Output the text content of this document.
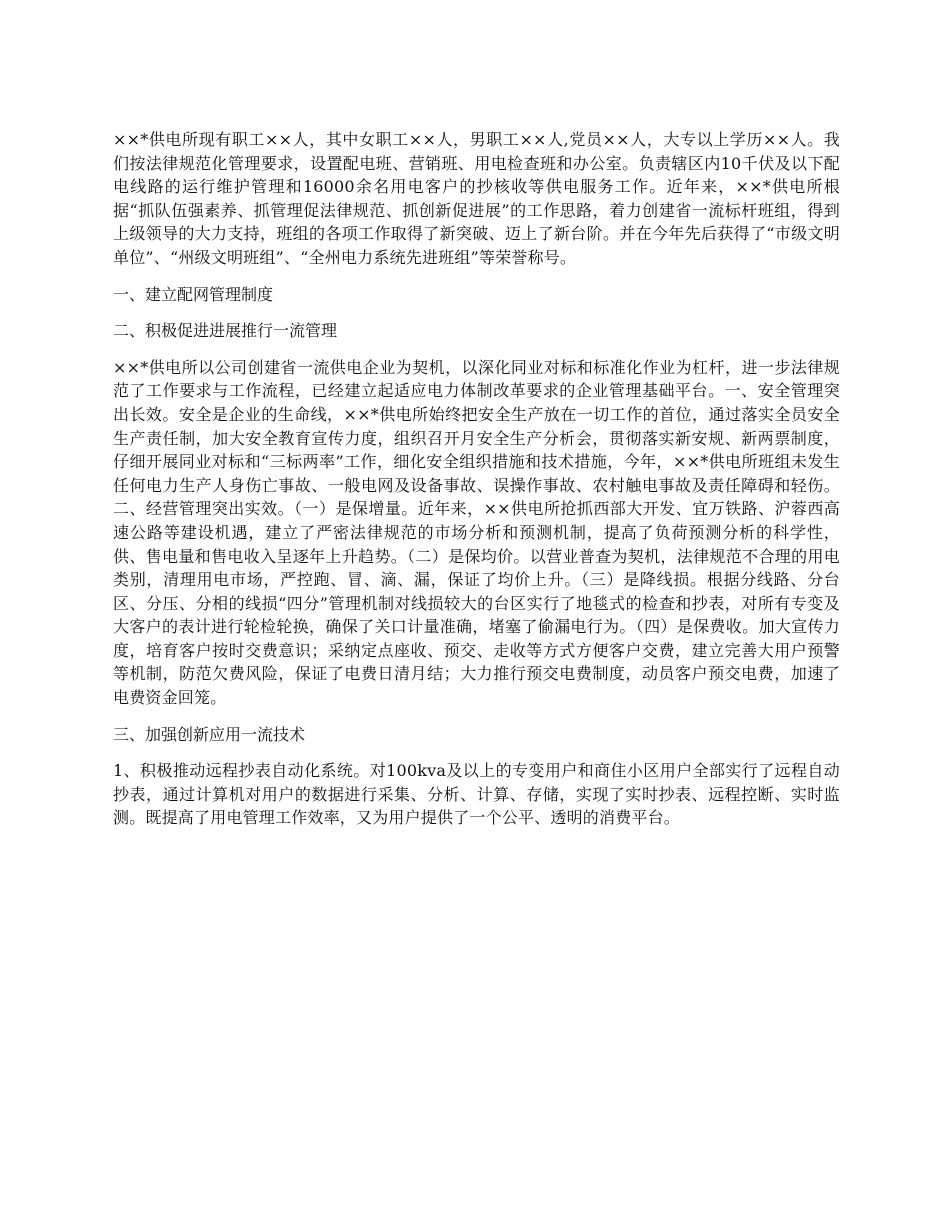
××*供电所现有职工××人，其中女职工××人，男职工××人,党员××人，大专以上学历××人。我们按法律规范化管理要求，设置配电班、营销班、用电检查班和办公室。负责辖区内10千伏及以下配电线路的运行维护管理和16000余名用电客户的抄核收等供电服务工作。近年来，××*供电所根据“抓队伍强素养、抓管理促法律规范、抓创新促进展”的工作思路，着力创建省一流标杆班组，得到上级领导的大力支持，班组的各项工作取得了新突破、迈上了新台阶。并在今年先后获得了“市级文明单位”、“州级文明班组”、“全州电力系统先进班组”等荣誉称号。

一、建立配网管理制度

二、积极促进进展推行一流管理

××*供电所以公司创建省一流供电企业为契机，以深化同业对标和标准化作业为杠杆，进一步法律规范了工作要求与工作流程，已经建立起适应电力体制改革要求的企业管理基础平台。一、安全管理突出长效。安全是企业的生命线，××*供电所始终把安全生产放在一切工作的首位，通过落实全员安全生产责任制，加大安全教育宣传力度，组织召开月安全生产分析会，贯彻落实新安规、新两票制度，仔细开展同业对标和“三标两率”工作，细化安全组织措施和技术措施，今年，××*供电所班组未发生任何电力生产人身伤亡事故、一般电网及设备事故、误操作事故、农村触电事故及责任障碍和轻伤。二、经营管理突出实效。（一）是保增量。近年来，××供电所抢抓西部大开发、宜万铁路、沪蓉西高速公路等建设机遇，建立了严密法律规范的市场分析和预测机制，提高了负荷预测分析的科学性，供、售电量和售电收入呈逐年上升趋势。（二）是保均价。以营业普查为契机，法律规范不合理的用电类别，清理用电市场，严控跑、冒、滴、漏，保证了均价上升。（三）是降线损。根据分线路、分台区、分压、分相的线损“四分”管理机制对线损较大的台区实行了地毯式的检查和抄表，对所有专变及大客户的表计进行轮检轮换，确保了关口计量准确，堵塞了偷漏电行为。（四）是保费收。加大宣传力度，培育客户按时交费意识；采纳定点座收、预交、走收等方式方便客户交费，建立完善大用户预警等机制，防范欠费风险，保证了电费日清月结；大力推行预交电费制度，动员客户预交电费，加速了电费资金回笼。

三、加强创新应用一流技术

1、积极推动远程抄表自动化系统。对100kva及以上的专变用户和商住小区用户全部实行了远程自动抄表，通过计算机对用户的数据进行采集、分析、计算、存储，实现了实时抄表、远程控断、实时监测。既提高了用电管理工作效率，又为用户提供了一个公平、透明的消费平台。
